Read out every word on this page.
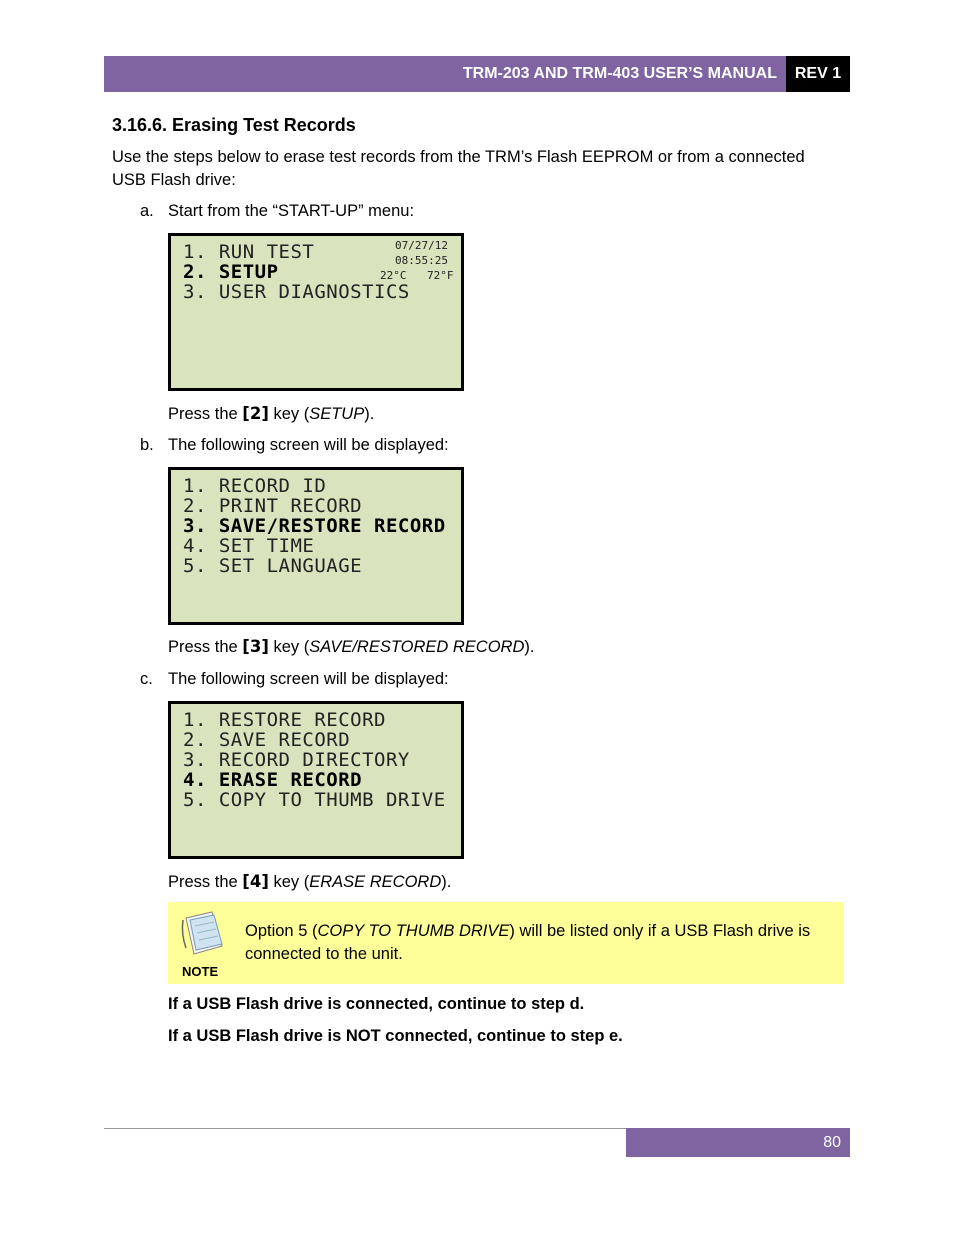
TRM-203 AND TRM-403 USER’S MANUAL	REV 1
3.16.6. Erasing Test Records
Use the steps below to erase test records from the TRM’s Flash EEPROM or from a connected USB Flash drive:
a. Start from the “START-UP” menu:
1. RUN TEST
2. SETUP
3. USER DIAGNOSTICS
07/27/12
08:55:25
22°C 72°F
Press the [2] key (SETUP).
b. The following screen will be displayed:
1. RECORD ID
2. PRINT RECORD
3. SAVE/RESTORE RECORD
4. SET TIME
5. SET LANGUAGE
Press the [3] key (SAVE/RESTORED RECORD).
c. The following screen will be displayed:
1. RESTORE RECORD
2. SAVE RECORD
3. RECORD DIRECTORY
4. ERASE RECORD
5. COPY TO THUMB DRIVE
Press the [4] key (ERASE RECORD).
NOTE
Option 5 (COPY TO THUMB DRIVE) will be listed only if a USB Flash drive is connected to the unit.
If a USB Flash drive is connected, continue to step d.
If a USB Flash drive is NOT connected, continue to step e.
80
